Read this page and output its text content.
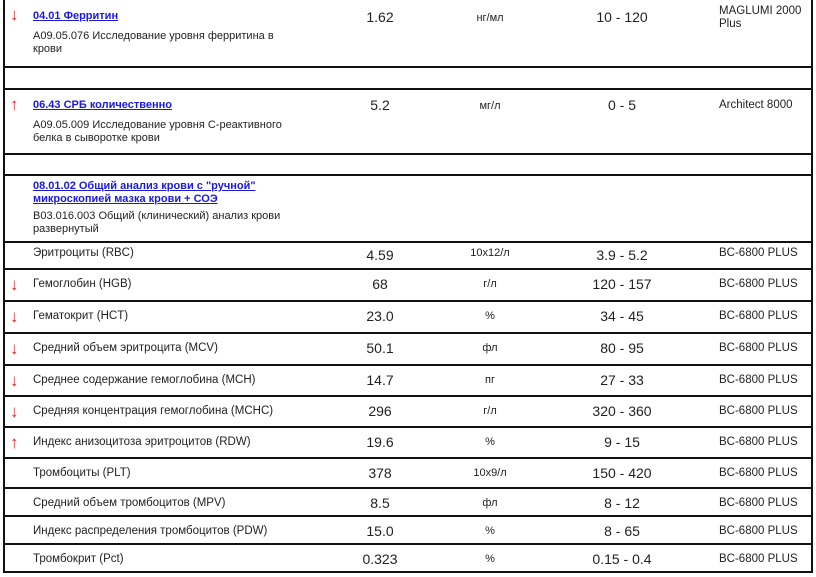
↓ 04.01 Ферритин
A09.05.076 Исследование уровня ферритина в крови
1.62	нг/мл	10 - 120	MAGLUMI 2000 Plus
↑ 06.43 СРБ количественно
A09.05.009 Исследование уровня С-реактивного белка в сыворотке крови
5.2	мг/л	0 - 5	Architect 8000
08.01.02 Общий анализ крови с "ручной" микроскопией мазка крови + СОЭ
B03.016.003 Общий (клинический) анализ крови развернутый
Эритроциты (RBC)	4.59	10x12/л	3.9 - 5.2	BC-6800 PLUS
↓ Гемоглобин (HGB)	68	г/л	120 - 157	BC-6800 PLUS
↓ Гематокрит (HCT)	23.0	%	34 - 45	BC-6800 PLUS
↓ Средний объем эритроцита (MCV)	50.1	фл	80 - 95	BC-6800 PLUS
↓ Среднее содержание гемоглобина (MCH)	14.7	пг	27 - 33	BC-6800 PLUS
↓ Средняя концентрация гемоглобина (MCHC)	296	г/л	320 - 360	BC-6800 PLUS
↑ Индекс анизоцитоза эритроцитов (RDW)	19.6	%	9 - 15	BC-6800 PLUS
Тромбоциты (PLT)	378	10x9/л	150 - 420	BC-6800 PLUS
Средний объем тромбоцитов (MPV)	8.5	фл	8 - 12	BC-6800 PLUS
Индекс распределения тромбоцитов (PDW)	15.0	%	8 - 65	BC-6800 PLUS
Тромбокрит (Pct)	0.323	%	0.15 - 0.4	BC-6800 PLUS
